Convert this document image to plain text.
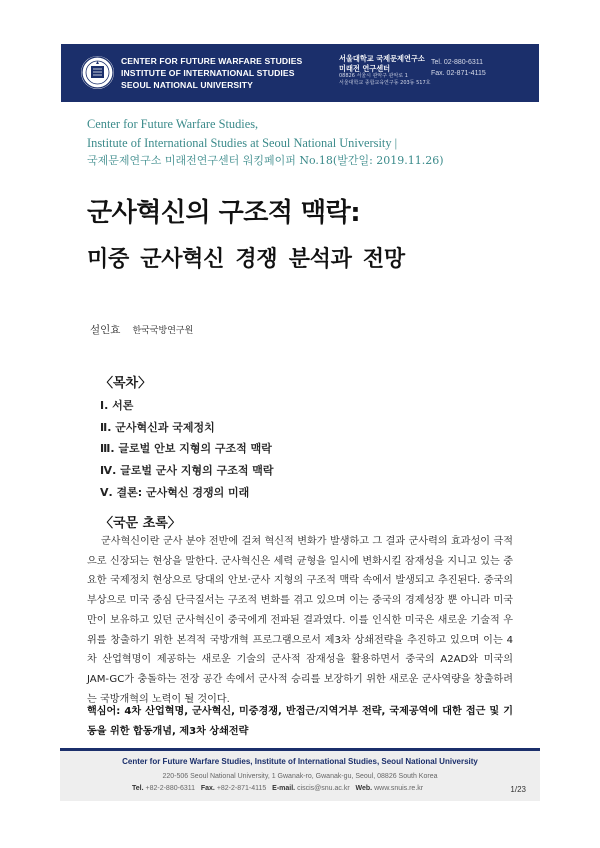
CENTER FOR FUTURE WARFARE STUDIES
INSTITUTE OF INTERNATIONAL STUDIES
SEOUL NATIONAL UNIVERSITY
서울대학교 국제문제연구소
미래전 연구센터
08826 서울시 관악구 관악로 1
서울대학교 종합교육연구동 203동 517호
Tel. 02-880-6311
Fax. 02-871-4115
Center for Future Warfare Studies,
Institute of International Studies at Seoul National University |
국제문제연구소 미래전연구센터 워킹페이퍼 No.18(발간일: 2019.11.26)
군사혁신의 구조적 맥락:
미중 군사혁신 경쟁 분석과 전망
설인효 한국국방연구원
〈목차〉
Ⅰ. 서론
Ⅱ. 군사혁신과 국제정치
Ⅲ. 글로벌 안보 지형의 구조적 맥락
Ⅳ. 글로벌 군사 지형의 구조적 맥락
Ⅴ. 결론: 군사혁신 경쟁의 미래
〈국문 초록〉

군사혁신이란 군사 분야 전반에 걸쳐 혁신적 변화가 발생하고 그 결과 군사력의 효과성이 극적으로 신장되는 현상을 말한다. 군사혁신은 세력 균형을 일시에 변화시킬 잠재성을 지니고 있는 중요한 국제정치 현상으로 당대의 안보·군사 지형의 구조적 맥락 속에서 발생되고 추진된다. 중국의 부상으로 미국 중심 단극질서는 구조적 변화를 겪고 있으며 이는 중국의 경제성장 뿐 아니라 미국만이 보유하고 있던 군사혁신이 중국에게 전파된 결과였다. 이를 인식한 미국은 새로운 기술적 우위를 창출하기 위한 본격적 국방개혁 프로그램으로서 제3차 상쇄전략을 추진하고 있으며 이는 4차 산업혁명이 제공하는 새로운 기술의 군사적 잠재성을 활용하면서 중국의 A2AD와 미국의 JAM-GC가 충돌하는 전장 공간 속에서 군사적 승리를 보장하기 위한 새로운 군사역량을 창출하려는 국방개혁의 노력이 될 것이다.

핵심어: 4차 산업혁명, 군사혁신, 미중경쟁, 반접근/지역거부 전략, 국제공역에 대한 접근 및 기동을 위한 합동개념, 제3차 상쇄전략

Center for Future Warfare Studies, Institute of International Studies, Seoul National University
220-506 Seoul National University, 1 Gwanak-ro, Gwanak-gu, Seoul, 08826 South Korea
Tel. +82-2-880-6311 Fax. +82-2-871-4115 E-mail. ciscis@snu.ac.kr Web. www.snuis.re.kr	1/23
